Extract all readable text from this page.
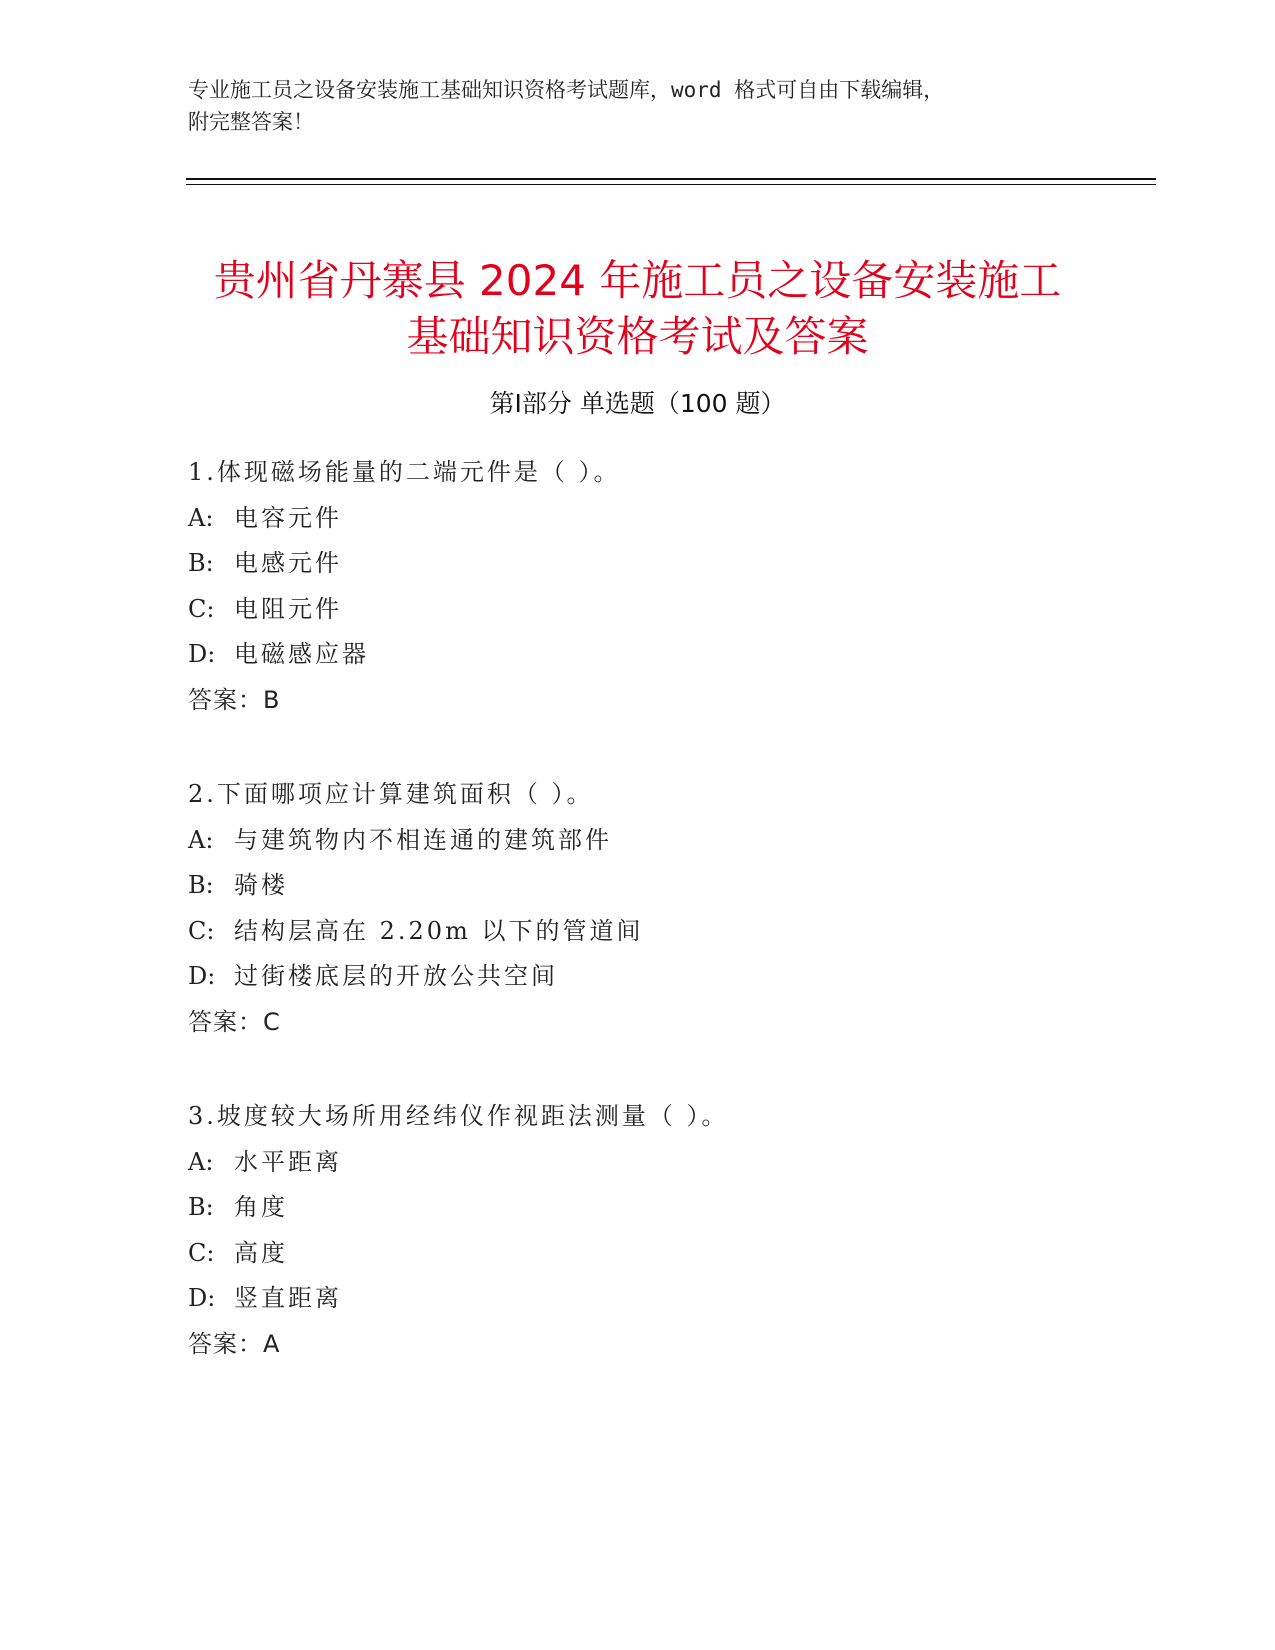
专业施工员之设备安装施工基础知识资格考试题库，word 格式可自由下载编辑，
附完整答案！
贵州省丹寨县 2024 年施工员之设备安装施工
基础知识资格考试及答案
第Ⅰ部分 单选题（100 题）
1.体现磁场能量的二端元件是（ ）。
A: 电容元件
B: 电感元件
C: 电阻元件
D: 电磁感应器
答案：B
2.下面哪项应计算建筑面积（ ）。
A: 与建筑物内不相连通的建筑部件
B: 骑楼
C: 结构层高在 2.20m 以下的管道间
D: 过街楼底层的开放公共空间
答案：C
3.坡度较大场所用经纬仪作视距法测量（ ）。
A: 水平距离
B: 角度
C: 高度
D: 竖直距离
答案：A
